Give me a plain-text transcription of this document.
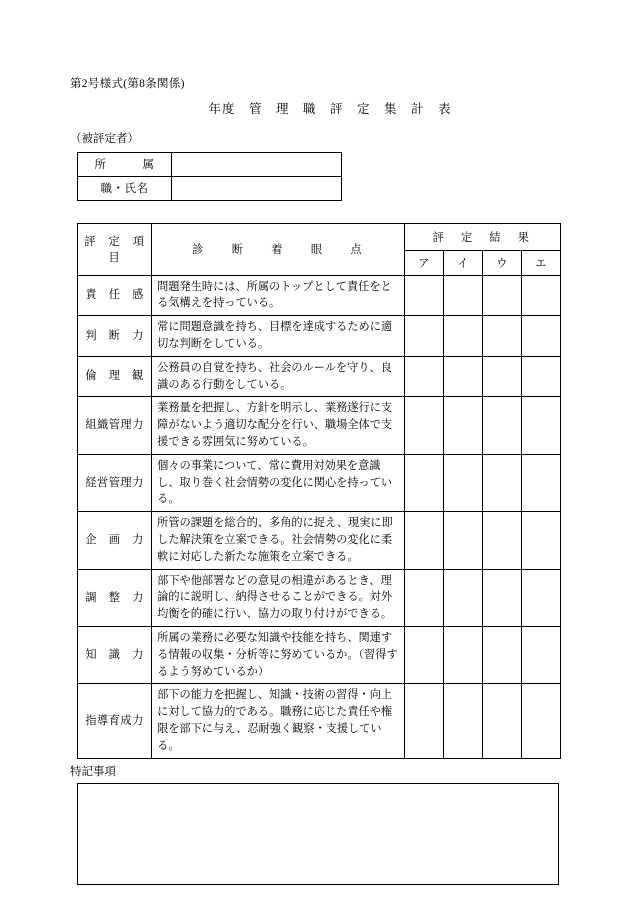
第2号様式(第8条関係)
年度　管　理　職　評　定　集　計　表
（被評定者）
所　　　属	
職・氏名	
評　定　項　目	診　　断　　着　　眼　　点	評　定　結　果			
		ア	イ	ウ	エ
責　任　感	問題発生時には、所属のトップとして責任をとる気構えを持っている。				
判　断　力	常に問題意識を持ち、目標を達成するために適切な判断をしている。				
倫　理　観	公務員の自覚を持ち、社会のルールを守り、良識のある行動をしている。				
組織管理力	業務量を把握し、方針を明示し、業務遂行に支障がないよう適切な配分を行い、職場全体で支援できる雰囲気に努めている。				
経営管理力	個々の事業について、常に費用対効果を意識し、取り巻く社会情勢の変化に関心を持っている。				
企　画　力	所管の課題を総合的、多角的に捉え、現実に即した解決策を立案できる。社会情勢の変化に柔軟に対応した新たな施策を立案できる。				
調　整　力	部下や他部署などの意見の相違があるとき、理論的に説明し、納得させることができる。対外均衡を的確に行い、協力の取り付けができる。				
知　識　力	所属の業務に必要な知識や技能を持ち、関連する情報の収集・分析等に努めているか。（習得するよう努めているか）				
指導育成力	部下の能力を把握し、知識・技術の習得・向上に対して協力的である。職務に応じた責任や権限を部下に与え、忍耐強く観察・支援している。				
特記事項
